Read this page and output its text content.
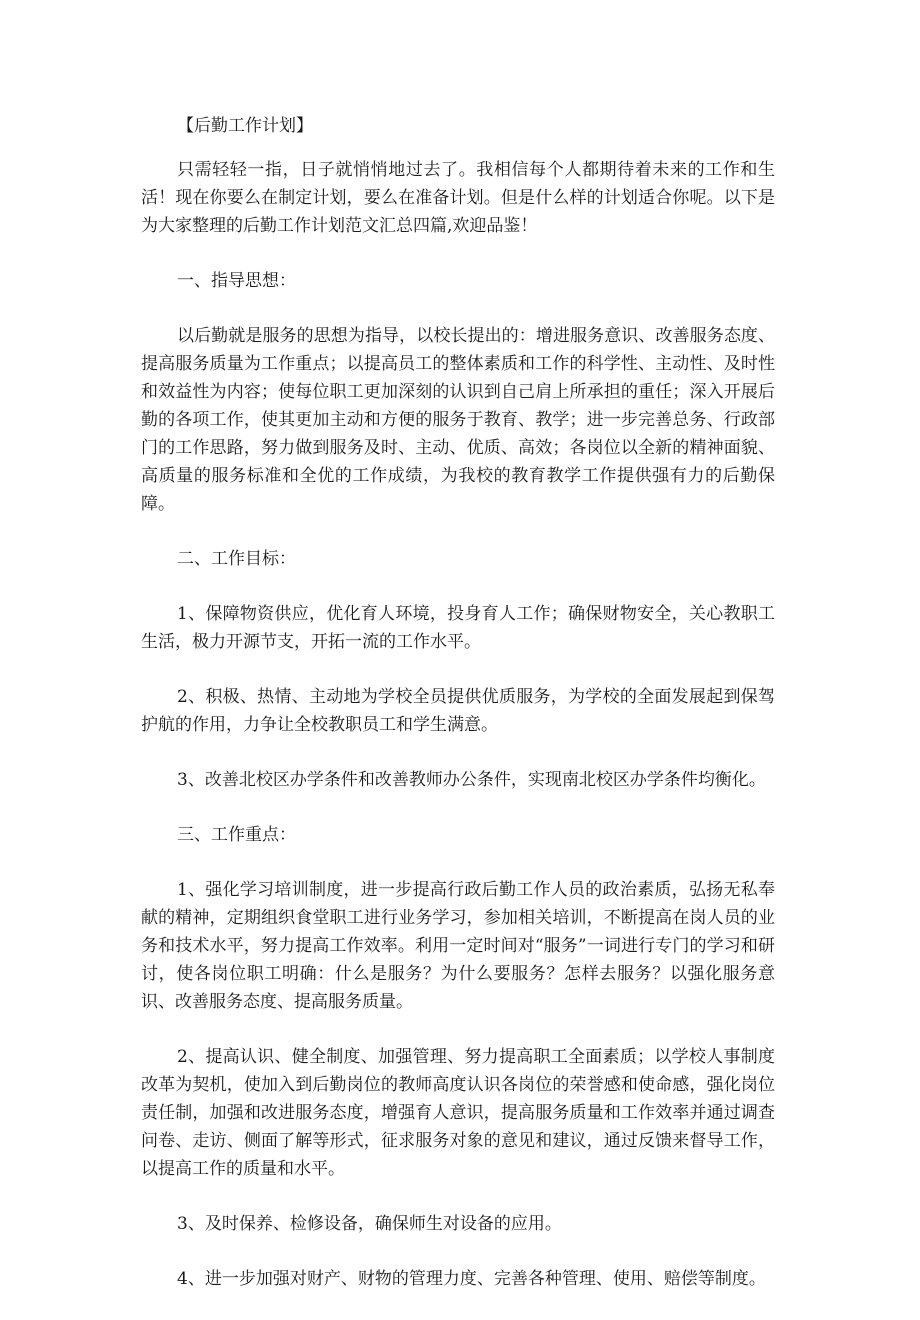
【后勤工作计划】

只需轻轻一指，日子就悄悄地过去了。我相信每个人都期待着未来的工作和生活！现在你要么在制定计划，要么在准备计划。但是什么样的计划适合你呢。以下是为大家整理的后勤工作计划范文汇总四篇,欢迎品鉴！

一、指导思想：

以后勤就是服务的思想为指导，以校长提出的：增进服务意识、改善服务态度、提高服务质量为工作重点；以提高员工的整体素质和工作的科学性、主动性、及时性和效益性为内容；使每位职工更加深刻的认识到自己肩上所承担的重任；深入开展后勤的各项工作，使其更加主动和方便的服务于教育、教学；进一步完善总务、行政部门的工作思路，努力做到服务及时、主动、优质、高效；各岗位以全新的精神面貌、高质量的服务标准和全优的工作成绩，为我校的教育教学工作提供强有力的后勤保障。

二、工作目标：

1、保障物资供应，优化育人环境，投身育人工作；确保财物安全，关心教职工生活，极力开源节支，开拓一流的工作水平。

2、积极、热情、主动地为学校全员提供优质服务，为学校的全面发展起到保驾护航的作用，力争让全校教职员工和学生满意。

3、改善北校区办学条件和改善教师办公条件，实现南北校区办学条件均衡化。

三、工作重点：

1、强化学习培训制度，进一步提高行政后勤工作人员的政治素质，弘扬无私奉献的精神，定期组织食堂职工进行业务学习，参加相关培训，不断提高在岗人员的业务和技术水平，努力提高工作效率。利用一定时间对“服务”一词进行专门的学习和研讨，使各岗位职工明确：什么是服务？为什么要服务？怎样去服务？以强化服务意识、改善服务态度、提高服务质量。

2、提高认识、健全制度、加强管理、努力提高职工全面素质；以学校人事制度改革为契机，使加入到后勤岗位的教师高度认识各岗位的荣誉感和使命感，强化岗位责任制，加强和改进服务态度，增强育人意识，提高服务质量和工作效率并通过调查问卷、走访、侧面了解等形式，征求服务对象的意见和建议，通过反馈来督导工作，以提高工作的质量和水平。

3、及时保养、检修设备，确保师生对设备的应用。

4、进一步加强对财产、财物的管理力度、完善各种管理、使用、赔偿等制度。
